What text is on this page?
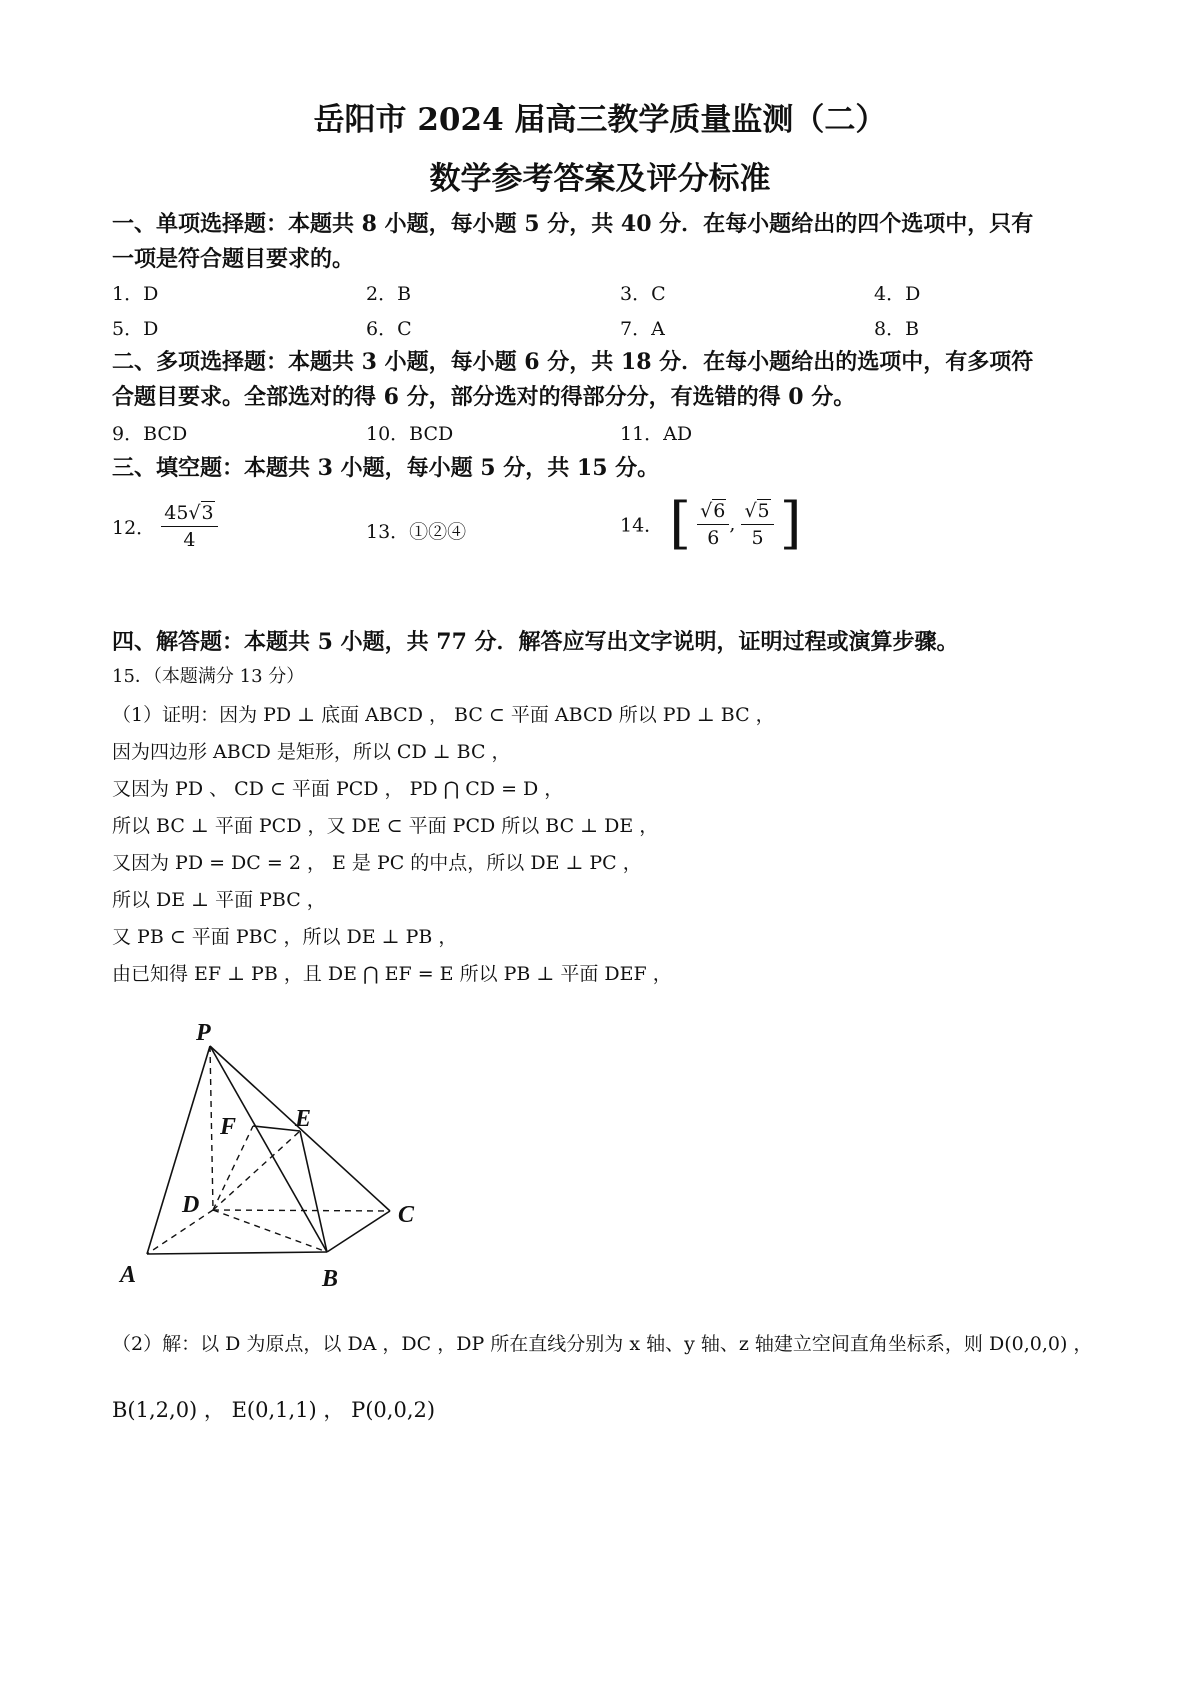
岳阳市 2024 届高三教学质量监测（二）
数学参考答案及评分标准
一、单项选择题：本题共 8 小题，每小题 5 分，共 40 分．在每小题给出的四个选项中，只有
一项是符合题目要求的。
1．D	2．B	3．C	4．D
5．D	6．C	7．A	8．B
二、多项选择题：本题共 3 小题，每小题 6 分，共 18 分．在每小题给出的选项中，有多项符
合题目要求。全部选对的得 6 分，部分选对的得部分分，有选错的得 0 分。
9．BCD	10．BCD	11．AD
三、填空题：本题共 3 小题，每小题 5 分，共 15 分。
12． $\frac{45√3}{4}$	13．①②④	14． [ $\frac{√6}{6}$ , $\frac{√5}{5}$ ]
四、解答题：本题共 5 小题，共 77 分．解答应写出文字说明，证明过程或演算步骤。
15．（本题满分 13 分）
（1）证明：因为 PD ⊥ 底面 ABCD ， BC ⊂ 平面 ABCD 所以 PD ⊥ BC ，
因为四边形 ABCD 是矩形，所以 CD ⊥ BC ，
又因为 PD 、 CD ⊂ 平面 PCD ， PD ⋂ CD = D ，
所以 BC ⊥ 平面 PCD ，又 DE ⊂ 平面 PCD 所以 BC ⊥ DE ，
又因为 PD = DC = 2 ， E 是 PC 的中点，所以 DE ⊥ PC ，
所以 DE ⊥ 平面 PBC ，
又 PB ⊂ 平面 PBC ，所以 DE ⊥ PB ，
由已知得 EF ⊥ PB ，且 DE ⋂ EF = E 所以 PB ⊥ 平面 DEF ，
P
E
F
D	C
A	B
（2）解：以 D 为原点，以 DA ，DC ，DP 所在直线分别为 x 轴、y 轴、z 轴建立空间直角坐标系，则 D(0,0,0) ，
B(1,2,0) ， E(0,1,1) ， P(0,0,2)
